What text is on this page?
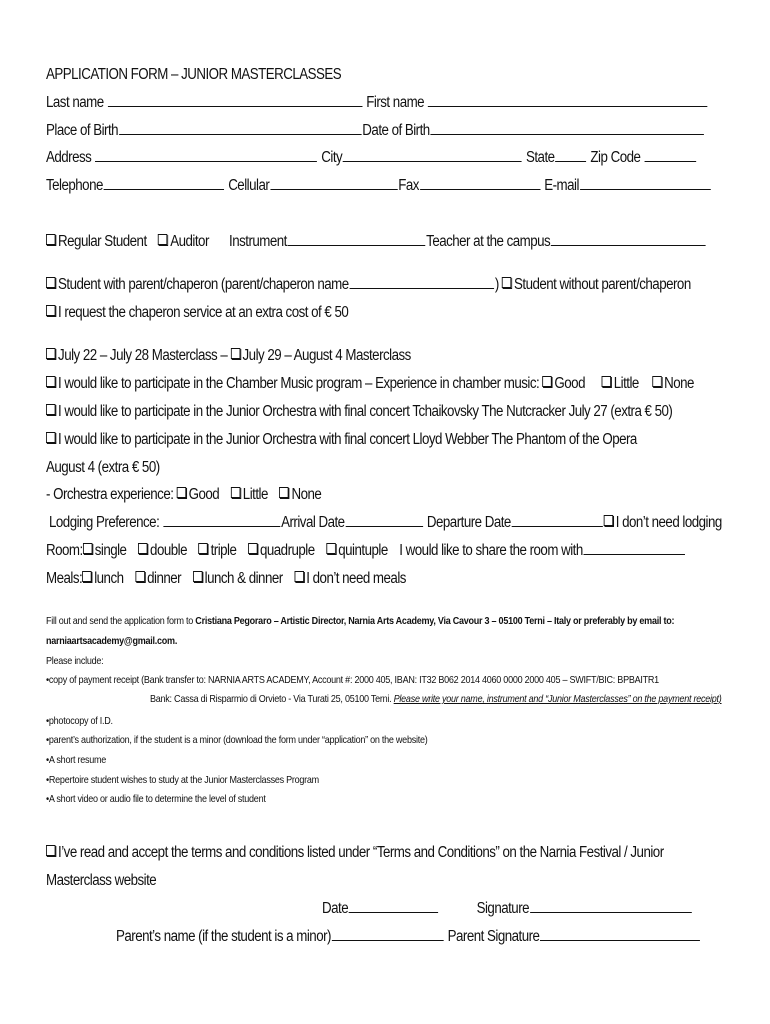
APPLICATION FORM – JUNIOR MASTERCLASSES
Last name	First name
Place of Birth	Date of Birth
Address	City	State Zip Code
Telephone	Cellular	Fax	E-mail
Regular Student Auditor Instrument	Teacher at the campus
Student with parent/chaperon (parent/chaperon name	) Student without parent/chaperon
I request the chaperon service at an extra cost of € 50
July 22 – July 28 Masterclass – July 29 – August 4 Masterclass
I would like to participate in the Chamber Music program – Experience in chamber music: Good Little None
I would like to participate in the Junior Orchestra with final concert Tchaikovsky The Nutcracker July 27 (extra € 50)
I would like to participate in the Junior Orchestra with final concert Lloyd Webber The Phantom of the Opera
August 4 (extra € 50)
- Orchestra experience: Good Little None
Lodging Preference:	Arrival Date	Departure Date	I don’t need lodging
Room: single double triple quadruple quintuple I would like to share the room with
Meals: lunch dinner lunch & dinner I don’t need meals
Fill out and send the application form to Cristiana Pegoraro – Artistic Director, Narnia Arts Academy, Via Cavour 3 – 05100 Terni – Italy or preferably by email to:
narniaartsacademy@gmail.com.
Please include:
•copy of payment receipt (Bank transfer to: NARNIA ARTS ACADEMY, Account #: 2000 405, IBAN: IT32 B062 2014 4060 0000 2000 405 – SWIFT/BIC: BPBAITR1
Bank: Cassa di Risparmio di Orvieto - Via Turati 25, 05100 Terni. Please write your name, instrument and “Junior Masterclasses” on the payment receipt)
•photocopy of I.D.
•parent’s authorization, if the student is a minor (download the form under “application” on the website)
•A short resume
•Repertoire student wishes to study at the Junior Masterclasses Program
•A short video or audio file to determine the level of student
I’ve read and accept the terms and conditions listed under “Terms and Conditions” on the Narnia Festival / Junior
Masterclass website
Date	Signature
Parent’s name (if the student is a minor)	Parent Signature
